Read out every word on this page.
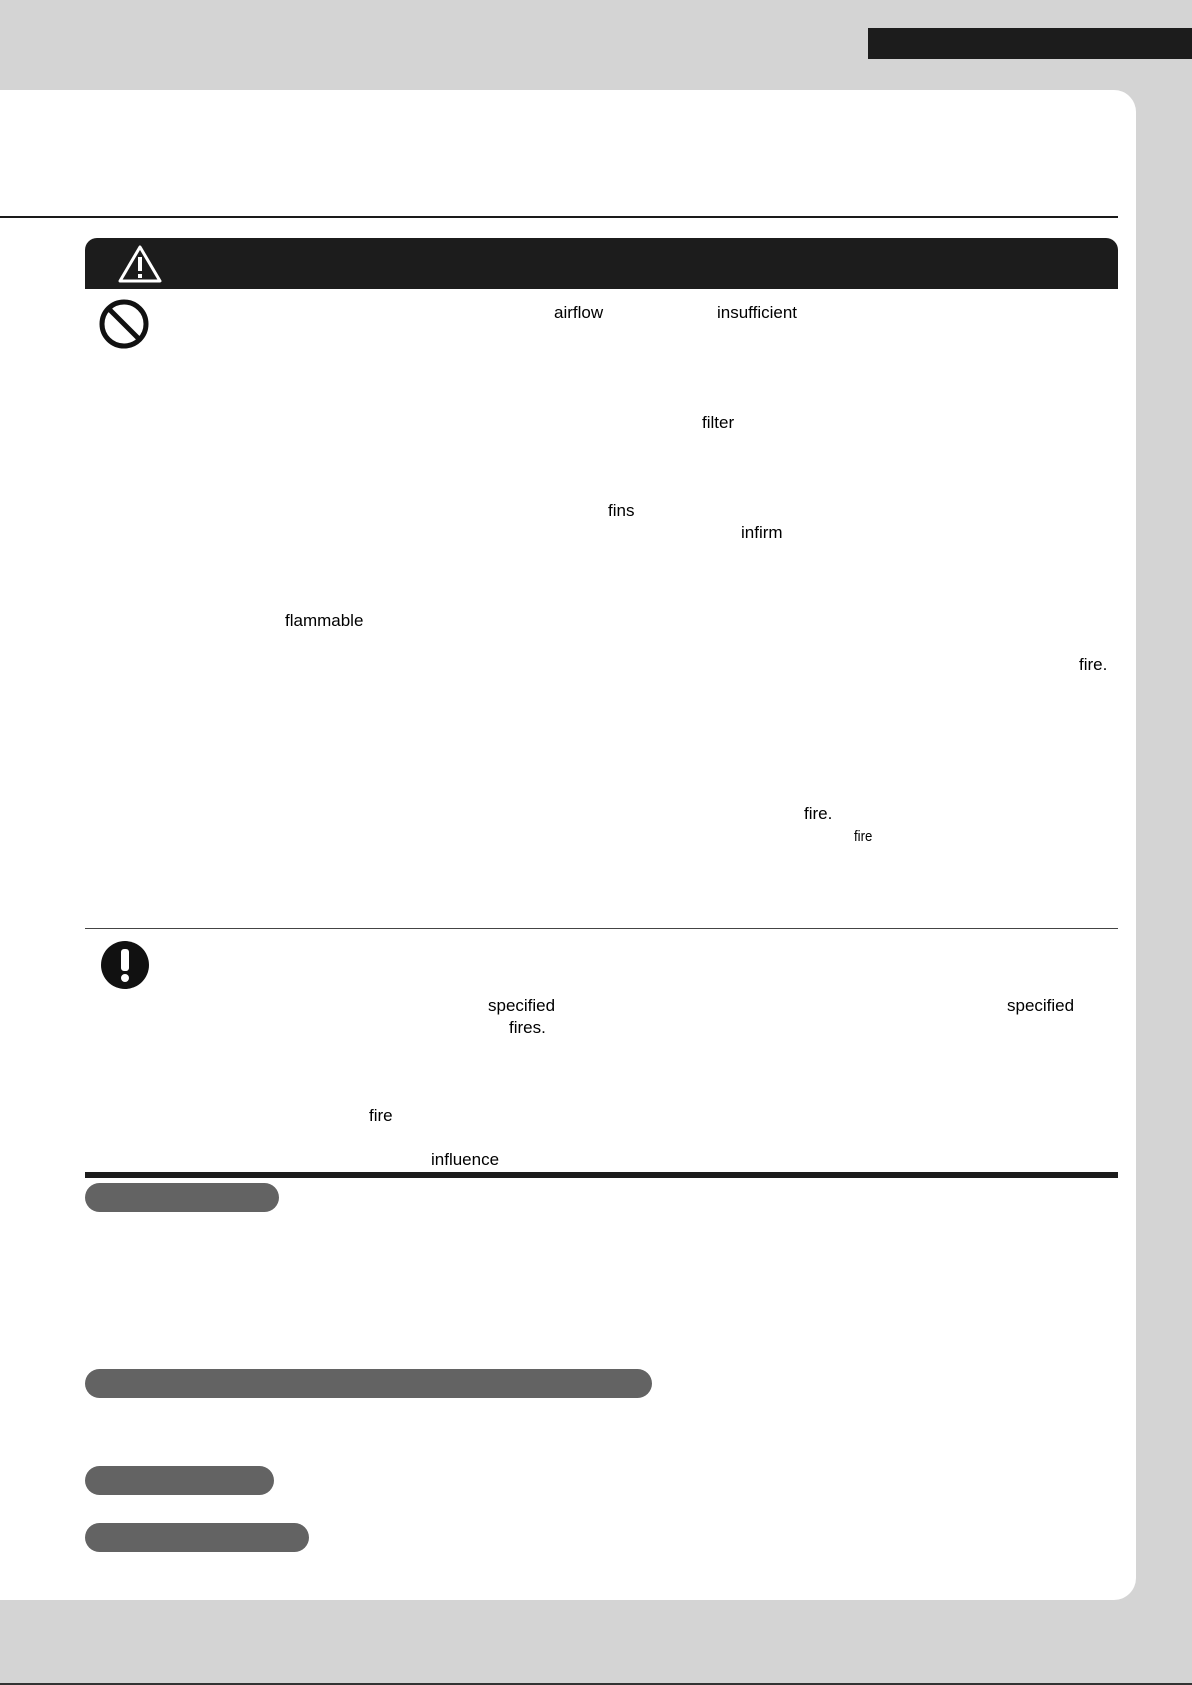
airflow	insufficient
filter
fins
infirm
flammable
fire.
fire.
fire
specified	specified
fires.
fire
influence
